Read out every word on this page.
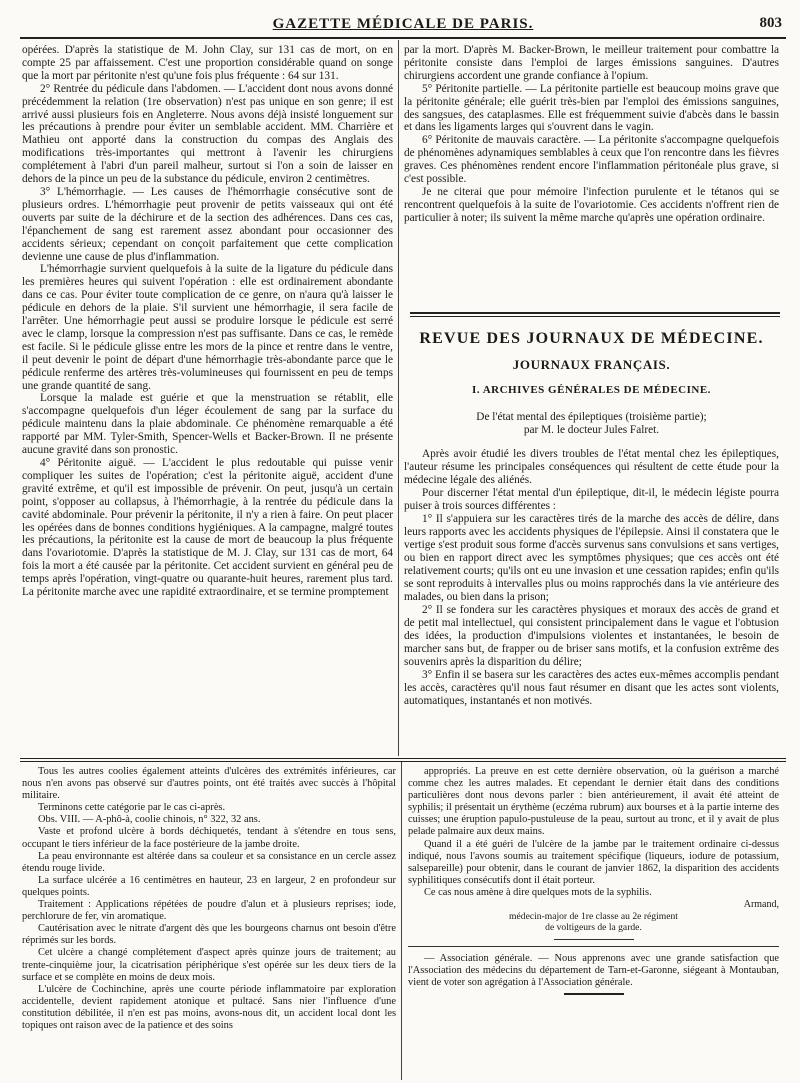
GAZETTE MÉDICALE DE PARIS.	803

opérées. D'après la statistique de M. John Clay, sur 131 cas de mort, on en compte 25 par affaissement. C'est une proportion considérable quand on songe que la mort par péritonite n'est qu'une fois plus fréquente : 64 sur 131.

2° Rentrée du pédicule dans l'abdomen. — L'accident dont nous avons donné précédemment la relation (1re observation) n'est pas unique en son genre; il est arrivé aussi plusieurs fois en Angleterre. Nous avons déjà insisté longuement sur les précautions à prendre pour éviter un semblable accident. MM. Charrière et Mathieu ont apporté dans la construction du compas des Anglais des modifications très-importantes qui mettront à l'avenir les chirurgiens complétement à l'abri d'un pareil malheur, surtout si l'on a soin de laisser en dehors de la pince un peu de la substance du pédicule, environ 2 centimètres.

3° L'hémorrhagie. — Les causes de l'hémorrhagie consécutive sont de plusieurs ordres. L'hémorrhagie peut provenir de petits vaisseaux qui ont été ouverts par suite de la déchirure et de la section des adhérences. Dans ces cas, l'épanchement de sang est rarement assez abondant pour occasionner des accidents sérieux; cependant on conçoit parfaitement que cette complication devienne une cause de plus d'inflammation.

L'hémorrhagie survient quelquefois à la suite de la ligature du pédicule dans les premières heures qui suivent l'opération : elle est ordinairement abondante dans ce cas. Pour éviter toute complication de ce genre, on n'aura qu'à laisser le pédicule en dehors de la plaie. S'il survient une hémorrhagie, il sera facile de l'arrêter. Une hémorrhagie peut aussi se produire lorsque le pédicule est serré avec le clamp, lorsque la compression n'est pas suffisante. Dans ce cas, le remède est facile. Si le pédicule glisse entre les mors de la pince et rentre dans le ventre, il peut devenir le point de départ d'une hémorrhagie très-abondante parce que le pédicule renferme des artères très-volumineuses qui fournissent en peu de temps une grande quantité de sang.

Lorsque la malade est guérie et que la menstruation se rétablit, elle s'accompagne quelquefois d'un léger écoulement de sang par la surface du pédicule maintenu dans la plaie abdominale. Ce phénomène remarquable a été rapporté par MM. Tyler-Smith, Spencer-Wells et Backer-Brown. Il ne présente aucune gravité dans son pronostic.

4° Péritonite aiguë. — L'accident le plus redoutable qui puisse venir compliquer les suites de l'opération; c'est la péritonite aiguë, accident d'une gravité extrême, et qu'il est impossible de prévenir. On peut, jusqu'à un certain point, s'opposer au collapsus, à l'hémorrhagie, à la rentrée du pédicule dans la cavité abdominale. Pour prévenir la péritonite, il n'y a rien à faire. On peut placer les opérées dans de bonnes conditions hygiéniques. A la campagne, malgré toutes les précautions, la péritonite est la cause de mort de beaucoup la plus fréquente dans l'ovariotomie. D'après la statistique de M. J. Clay, sur 131 cas de mort, 64 fois la mort a été causée par la péritonite. Cet accident survient en général peu de temps après l'opération, vingt-quatre ou quarante-huit heures, rarement plus tard. La péritonite marche avec une rapidité extraordinaire, et se termine promptement

par la mort. D'après M. Backer-Brown, le meilleur traitement pour combattre la péritonite consiste dans l'emploi de larges émissions sanguines. D'autres chirurgiens accordent une grande confiance à l'opium.

5° Péritonite partielle. — La péritonite partielle est beaucoup moins grave que la péritonite générale; elle guérit très-bien par l'emploi des émissions sanguines, des sangsues, des cataplasmes. Elle est fréquemment suivie d'abcès dans le bassin et dans les ligaments larges qui s'ouvrent dans le vagin.

6° Péritonite de mauvais caractère. — La péritonite s'accompagne quelquefois de phénomènes adynamiques semblables à ceux que l'on rencontre dans les fièvres graves. Ces phénomènes rendent encore l'inflammation péritonéale plus grave, si c'est possible.

Je ne citerai que pour mémoire l'infection purulente et le tétanos qui se rencontrent quelquefois à la suite de l'ovariotomie. Ces accidents n'offrent rien de particulier à noter; ils suivent la même marche qu'après une opération ordinaire.

REVUE DES JOURNAUX DE MÉDECINE.
JOURNAUX FRANÇAIS.
I. ARCHIVES GÉNÉRALES DE MÉDECINE.
De l'état mental des épileptiques (troisième partie);
par M. le docteur Jules Falret.

Après avoir étudié les divers troubles de l'état mental chez les épileptiques, l'auteur résume les principales conséquences qui résultent de cette étude pour la médecine légale des aliénés.

Pour discerner l'état mental d'un épileptique, dit-il, le médecin légiste pourra puiser à trois sources différentes :

1° Il s'appuiera sur les caractères tirés de la marche des accès de délire, dans leurs rapports avec les accidents physiques de l'épilepsie. Ainsi il constatera que le vertige s'est produit sous forme d'accès survenus sans convulsions et sans vertiges, ou bien en rapport direct avec les symptômes physiques; que ces accès ont été relativement courts; qu'ils ont eu une invasion et une cessation rapides; enfin qu'ils se sont reproduits à intervalles plus ou moins rapprochés dans la vie antérieure des malades, ou bien dans la prison;

2° Il se fondera sur les caractères physiques et moraux des accès de grand et de petit mal intellectuel, qui consistent principalement dans le vague et l'obtusion des idées, la production d'impulsions violentes et instantanées, le besoin de marcher sans but, de frapper ou de briser sans motifs, et la confusion extrême des souvenirs après la disparition du délire;

3° Enfin il se basera sur les caractères des actes eux-mêmes accomplis pendant les accès, caractères qu'il nous faut résumer en disant que les actes sont violents, automatiques, instantanés et non motivés.

Tous les autres coolies également atteints d'ulcères des extrémités inférieures, car nous n'en avons pas observé sur d'autres points, ont été traités avec succès à l'hôpital militaire.

Terminons cette catégorie par le cas ci-après.

Obs. VIII. — A-phô-à, coolie chinois, n° 322, 32 ans.

Vaste et profond ulcère à bords déchiquetés, tendant à s'étendre en tous sens, occupant le tiers inférieur de la face postérieure de la jambe droite.

La peau environnante est altérée dans sa couleur et sa consistance en un cercle assez étendu rouge livide.

La surface ulcérée a 16 centimètres en hauteur, 23 en largeur, 2 en profondeur sur quelques points.

Traitement : Applications répétées de poudre d'alun et à plusieurs reprises; iode, perchlorure de fer, vin aromatique.

Cautérisation avec le nitrate d'argent dès que les bourgeons charnus ont besoin d'être réprimés sur les bords.

Cet ulcère a changé complétement d'aspect après quinze jours de traitement; au trente-cinquième jour, la cicatrisation périphérique s'est opérée sur les deux tiers de la surface et se complète en moins de deux mois.

L'ulcère de Cochinchine, après une courte période inflammatoire par exploration accidentelle, devient rapidement atonique et pultacé. Sans nier l'influence d'une constitution débilitée, il n'en est pas moins, avons-nous dit, un accident local dont les topiques ont raison avec de la patience et des soins

appropriés. La preuve en est cette dernière observation, où la guérison a marché comme chez les autres malades. Et cependant le dernier était dans des conditions particulières dont nous devons parler : bien antérieurement, il avait été atteint de syphilis; il présentait un érythème (eczéma rubrum) aux bourses et à la partie interne des cuisses; une éruption papulo-pustuleuse de la peau, surtout au tronc, et il y avait de plus pelade palmaire aux deux mains.

Quand il a été guéri de l'ulcère de la jambe par le traitement ordinaire ci-dessus indiqué, nous l'avons soumis au traitement spécifique (liqueurs, iodure de potassium, salsepareille) pour obtenir, dans le courant de janvier 1862, la disparition des accidents syphilitiques consécutifs dont il était porteur.

Ce cas nous amène à dire quelques mots de la syphilis.

Armand,
médecin-major de 1re classe au 2e régiment
de voltigeurs de la garde.

— Association générale. — Nous apprenons avec une grande satisfaction que l'Association des médecins du département de Tarn-et-Garonne, siégeant à Montauban, vient de voter son agrégation à l'Association générale.
